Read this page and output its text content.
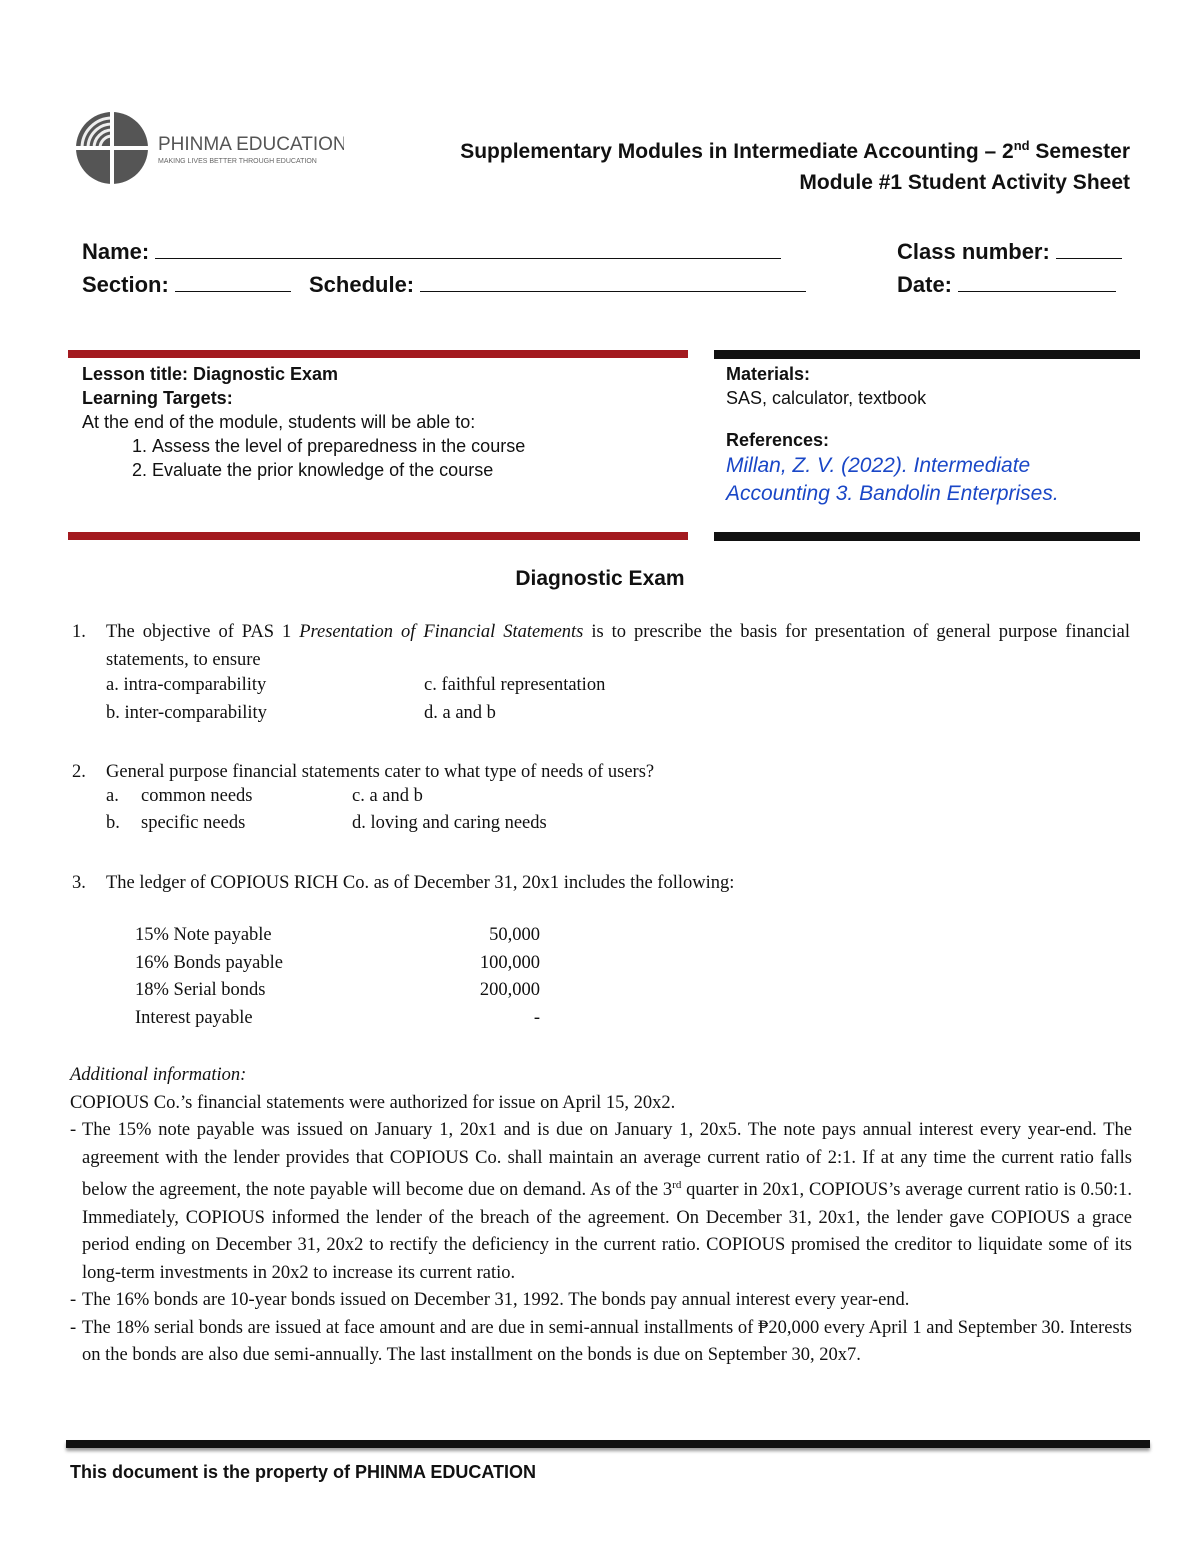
PHINMA EDUCATION
MAKING LIVES BETTER THROUGH EDUCATION	Supplementary Modules in Intermediate Accounting – 2nd Semester
Module #1 Student Activity Sheet
Name:	Class number:
Section:	Schedule:	Date:
Lesson title: Diagnostic Exam
Learning Targets:
At the end of the module, students will be able to:
1. Assess the level of preparedness in the course
2. Evaluate the prior knowledge of the course
Materials:
SAS, calculator, textbook
References:
Millan, Z. V. (2022). Intermediate
Accounting 3. Bandolin Enterprises.
Diagnostic Exam
1. The objective of PAS 1 Presentation of Financial Statements is to prescribe the basis for presentation of general purpose financial statements, to ensure
a. intra-comparability	c. faithful representation
b. inter-comparability	d. a and b
2. General purpose financial statements cater to what type of needs of users?
a. common needs	c. a and b
b. specific needs	d. loving and caring needs
3. The ledger of COPIOUS RICH Co. as of December 31, 20x1 includes the following:
15% Note payable	50,000
16% Bonds payable	100,000
18% Serial bonds	200,000
Interest payable	-
Additional information:
COPIOUS Co.’s financial statements were authorized for issue on April 15, 20x2.
- The 15% note payable was issued on January 1, 20x1 and is due on January 1, 20x5. The note pays annual interest every year-end. The agreement with the lender provides that COPIOUS Co. shall maintain an average current ratio of 2:1. If at any time the current ratio falls below the agreement, the note payable will become due on demand. As of the 3rd quarter in 20x1, COPIOUS’s average current ratio is 0.50:1. Immediately, COPIOUS informed the lender of the breach of the agreement. On December 31, 20x1, the lender gave COPIOUS a grace period ending on December 31, 20x2 to rectify the deficiency in the current ratio. COPIOUS promised the creditor to liquidate some of its long-term investments in 20x2 to increase its current ratio.
- The 16% bonds are 10-year bonds issued on December 31, 1992. The bonds pay annual interest every year-end.
- The 18% serial bonds are issued at face amount and are due in semi-annual installments of ₱20,000 every April 1 and September 30. Interests on the bonds are also due semi-annually. The last installment on the bonds is due on September 30, 20x7.
This document is the property of PHINMA EDUCATION
